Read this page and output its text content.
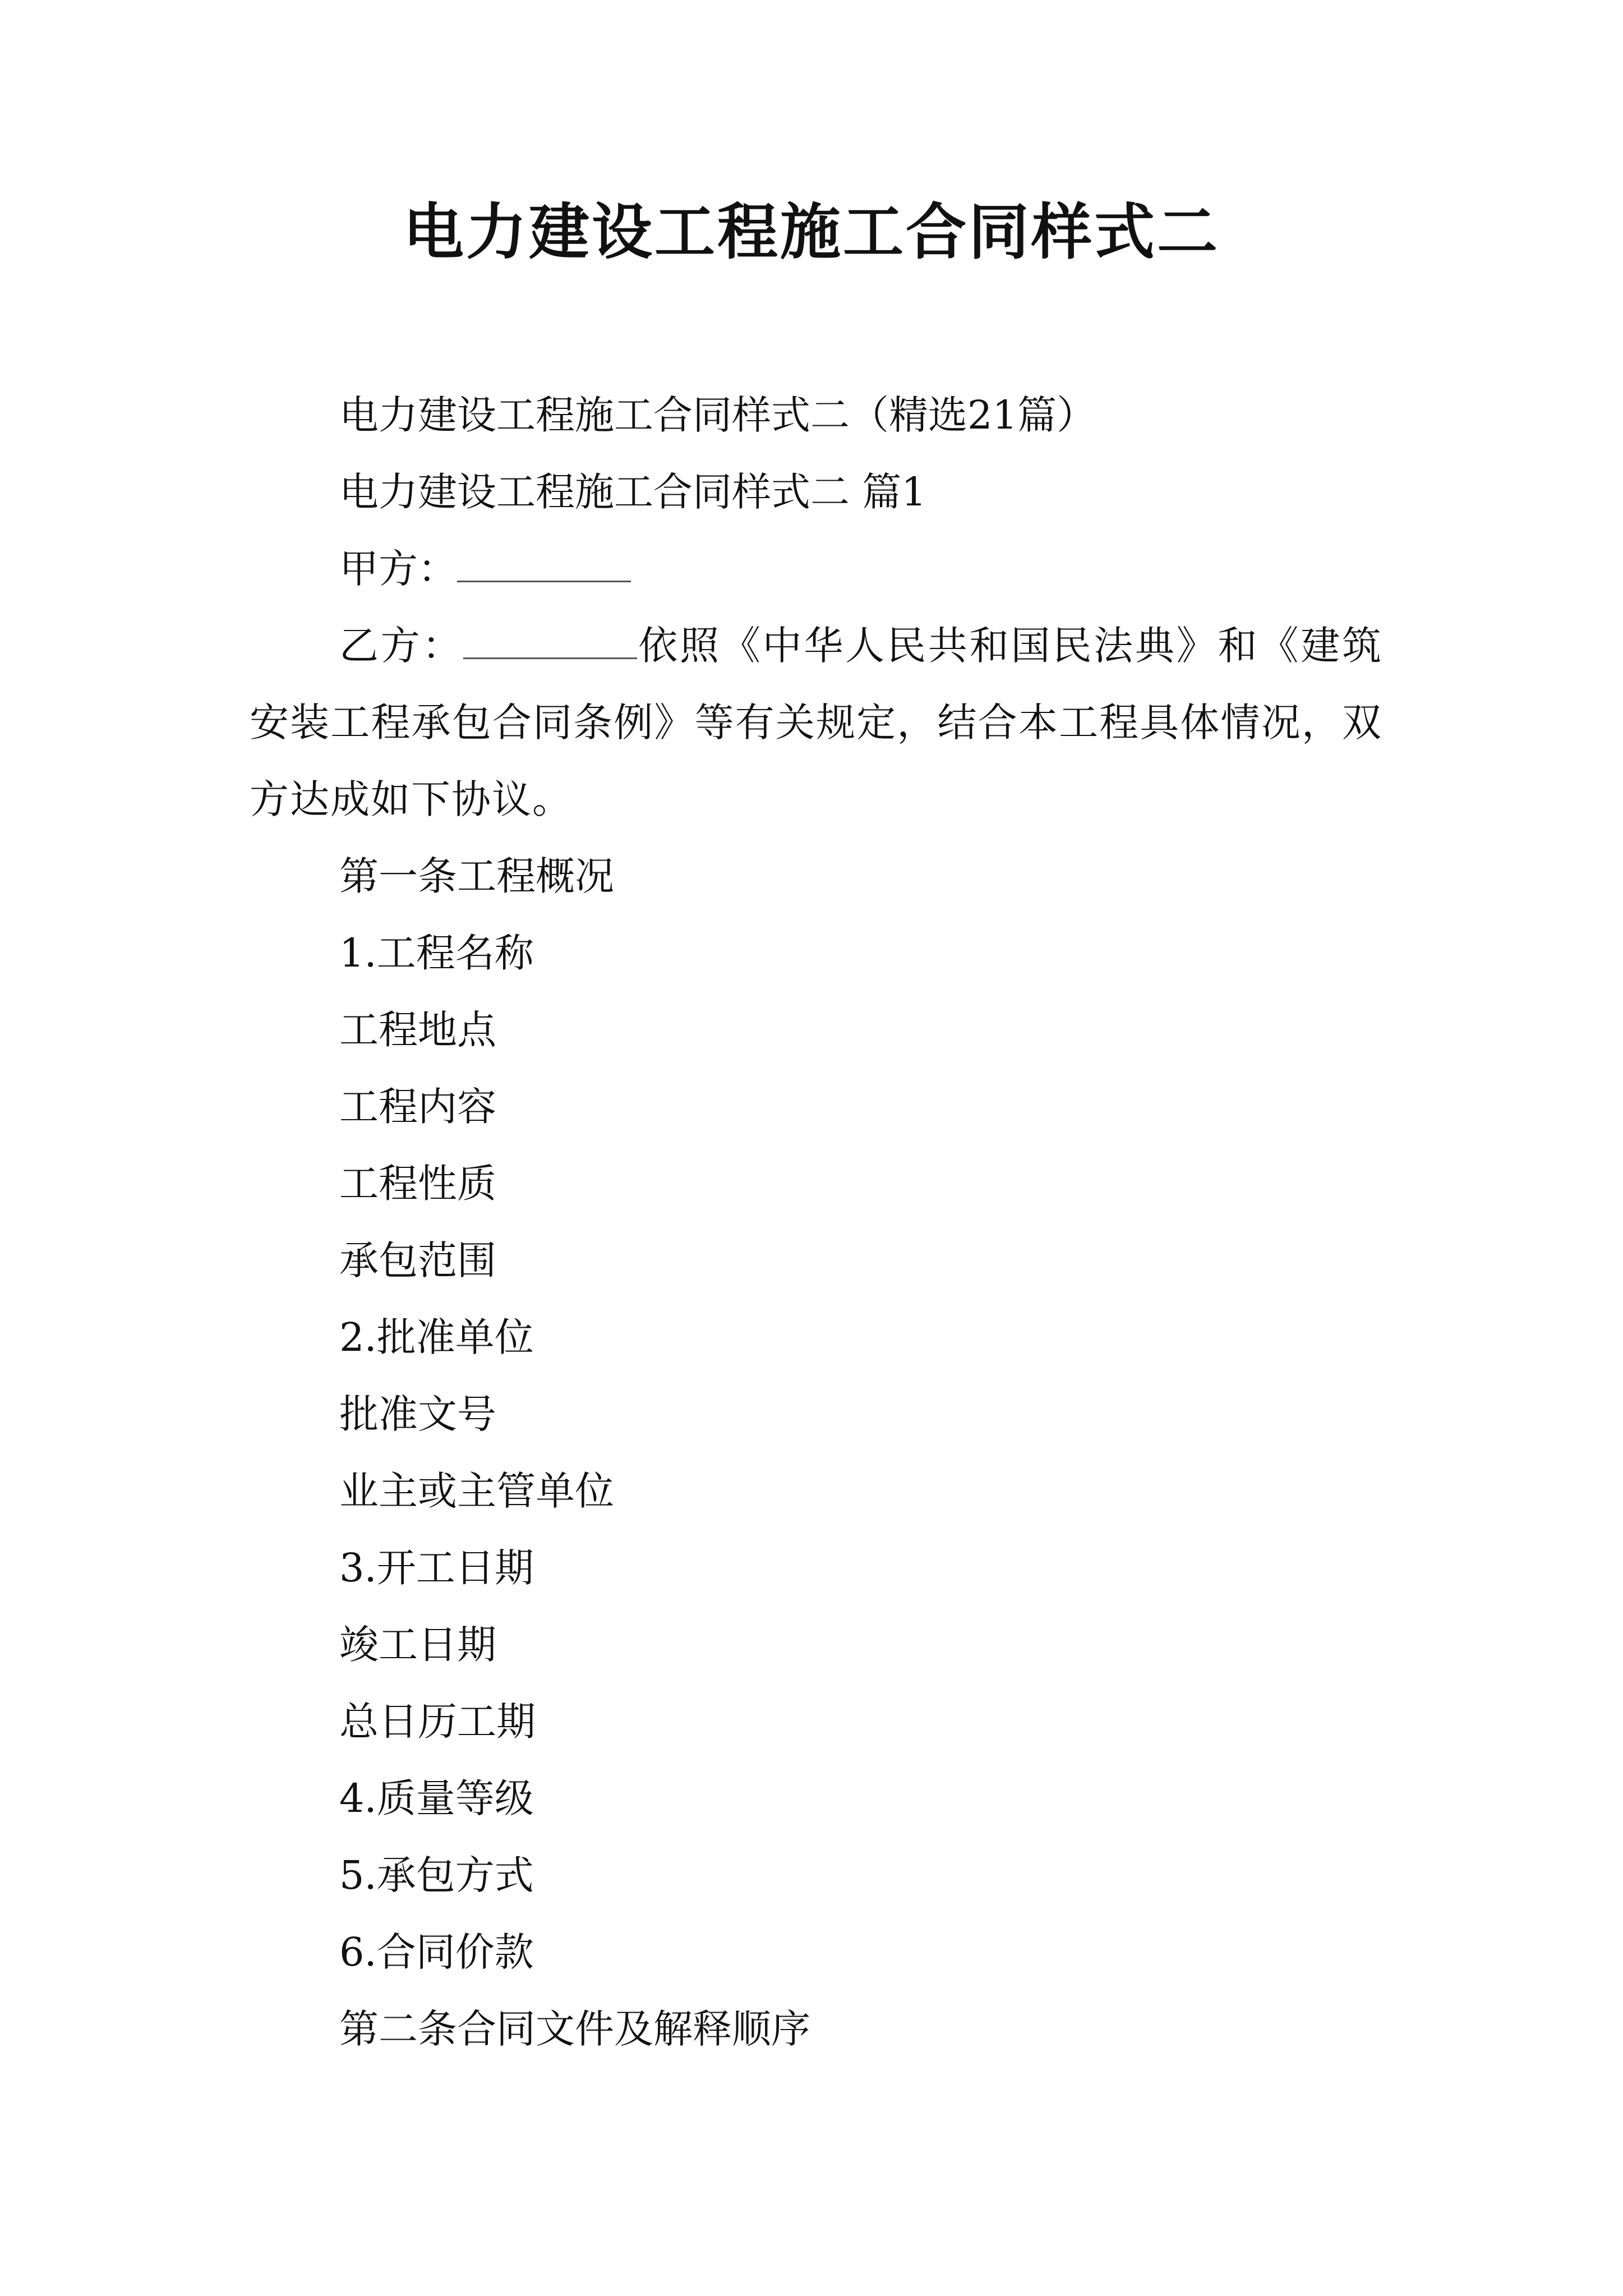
电力建设工程施工合同样式二

电力建设工程施工合同样式二（精选21篇）

电力建设工程施工合同样式二 篇1

甲方：

乙方：	依照《中华人民共和国民法典》和《建筑安装工程承包合同条例》等有关规定，结合本工程具体情况，双方达成如下协议。

第一条工程概况

1.工程名称

工程地点

工程内容

工程性质

承包范围

2.批准单位

批准文号

业主或主管单位

3.开工日期

竣工日期

总日历工期

4.质量等级

5.承包方式

6.合同价款

第二条合同文件及解释顺序
